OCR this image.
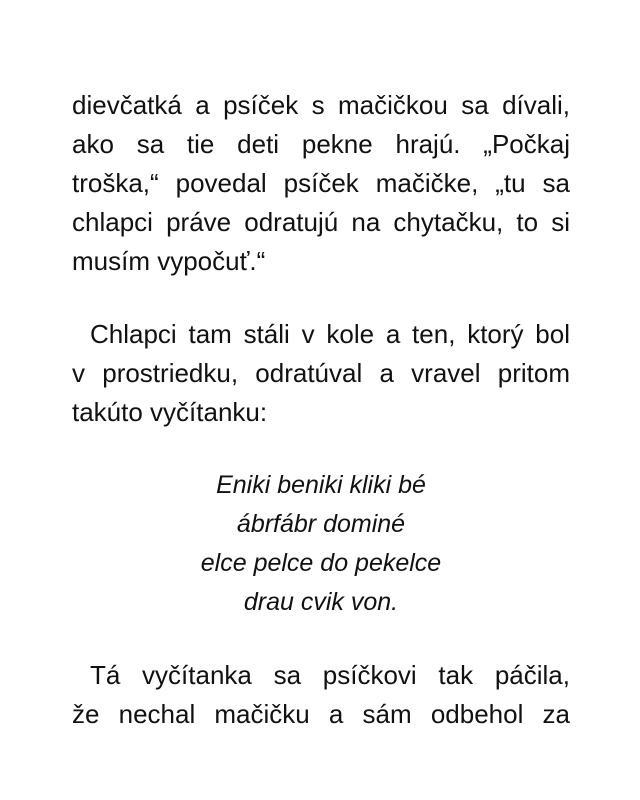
dievčatká a psíček s mačičkou sa dívali,
ako sa tie deti pekne hrajú. „Počkaj
troška,“ povedal psíček mačičke, „tu sa
chlapci práve odratujú na chytačku, to si
musím vypočuť.“

Chlapci tam stáli v kole a ten, ktorý bol
v prostriedku, odratúval a vravel pritom
takúto vyčítanku:

Eniki beniki kliki bé
ábrfábr dominé
elce pelce do pekelce
drau cvik von.

Tá vyčítanka sa psíčkovi tak páčila,
že nechal mačičku a sám odbehol za
